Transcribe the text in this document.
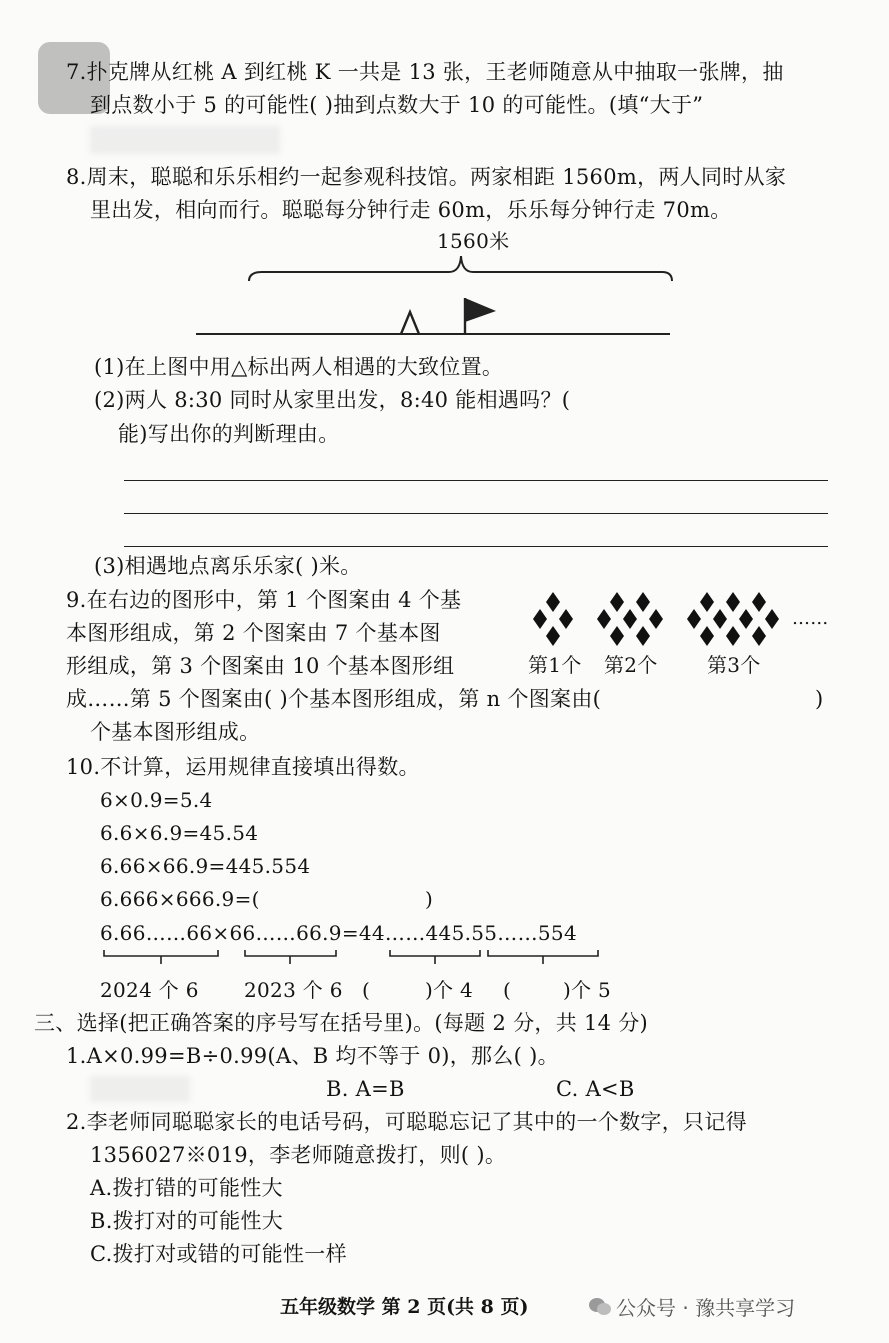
7.扑克牌从红桃 A 到红桃 K 一共是 13 张，王老师随意从中抽取一张牌，抽
到点数小于 5 的可能性( )抽到点数大于 10 的可能性。(填“大于”
8.周末，聪聪和乐乐相约一起参观科技馆。两家相距 1560m，两人同时从家
里出发，相向而行。聪聪每分钟行走 60m，乐乐每分钟行走 70m。
1560米
(1)在上图中用△标出两人相遇的大致位置。
(2)两人 8:30 同时从家里出发，8:40 能相遇吗？(
能)写出你的判断理由。
(3)相遇地点离乐乐家( )米。
9.在右边的图形中，第 1 个图案由 4 个基
本图形组成，第 2 个图案由 7 个基本图
形组成，第 3 个图案由 10 个基本图形组
成……第 5 个图案由( )个基本图形组成，第 n 个图案由(	)
个基本图形组成。
……
第1个 第2个 第3个
10.不计算，运用规律直接填出得数。
6×0.9=5.4
6.6×6.9=45.54
6.66×66.9=445.554
6.666×666.9=(	)
6.66……66×66……66.9=44……445.55……554
2024 个 6 2023 个 6 (	)个 4 (	)个 5
三、选择(把正确答案的序号写在括号里)。(每题 2 分，共 14 分)
1.A×0.99=B÷0.99(A、B 均不等于 0)，那么( )。
B. A=B	C. A<B
2.李老师同聪聪家长的电话号码，可聪聪忘记了其中的一个数字，只记得
1356027※019，李老师随意拨打，则( )。
A.拨打错的可能性大
B.拨打对的可能性大
C.拨打对或错的可能性一样
五年级数学 第 2 页(共 8 页)	公众号 · 豫共享学习
